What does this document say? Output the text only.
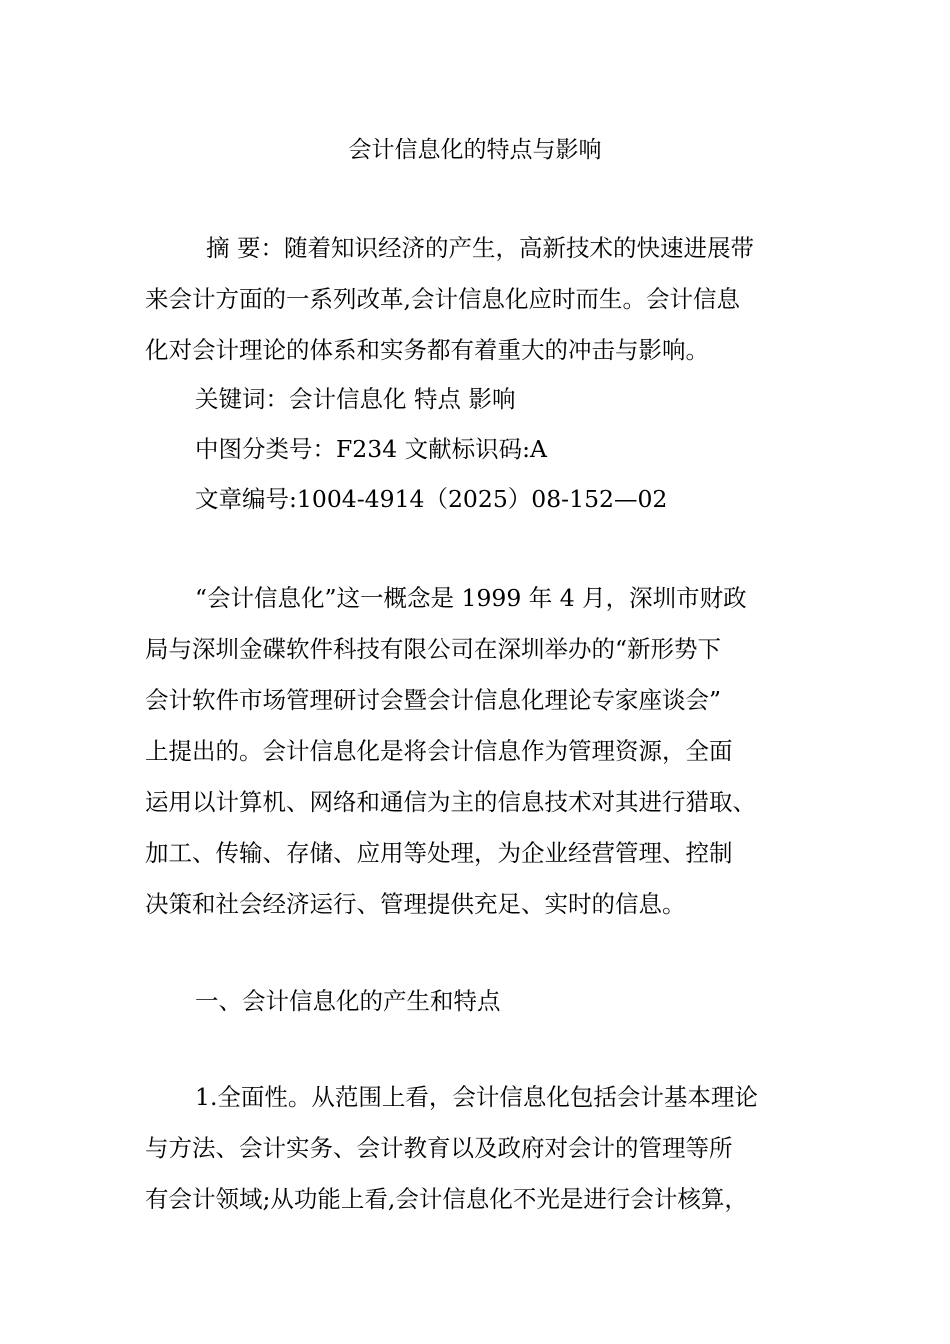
会计信息化的特点与影响
摘 要：随着知识经济的产生，高新技术的快速进展带
来会计方面的一系列改革,会计信息化应时而生。会计信息
化对会计理论的体系和实务都有着重大的冲击与影响。
关键词：会计信息化 特点 影响
中图分类号：F234 文献标识码:A
文章编号:1004-4914（2025）08-152—02
“会计信息化”这一概念是 1999 年 4 月，深圳市财政
局与深圳金碟软件科技有限公司在深圳举办的“新形势下
会计软件市场管理研讨会暨会计信息化理论专家座谈会”
上提出的。会计信息化是将会计信息作为管理资源，全面
运用以计算机、网络和通信为主的信息技术对其进行猎取、
加工、传输、存储、应用等处理，为企业经营管理、控制
决策和社会经济运行、管理提供充足、实时的信息。
一、会计信息化的产生和特点
1.全面性。从范围上看，会计信息化包括会计基本理论
与方法、会计实务、会计教育以及政府对会计的管理等所
有会计领域;从功能上看,会计信息化不光是进行会计核算，
